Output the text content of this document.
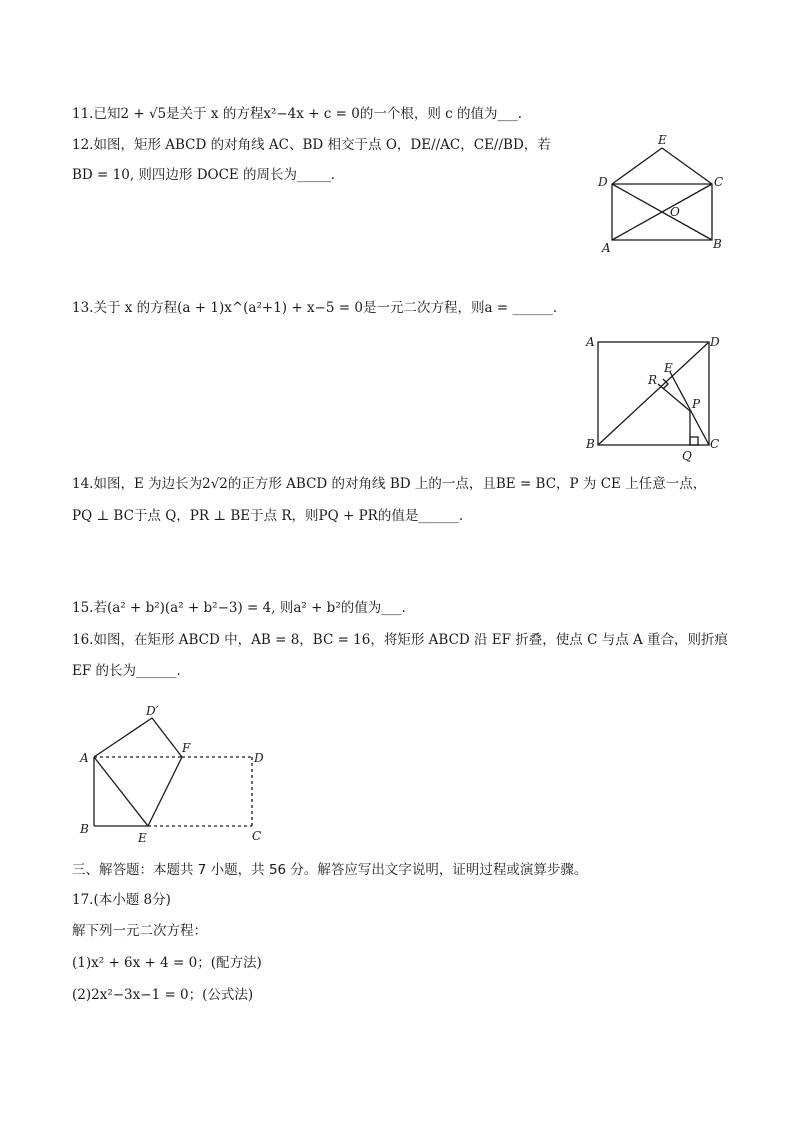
11.已知2 + √5是关于 x 的方程x²−4x + c = 0的一个根，则 c 的值为___.
12.如图，矩形 ABCD 的对角线 AC、BD 相交于点 O，DE//AC，CE//BD，若
BD = 10, 则四边形 DOCE 的周长为_____.
E
D	C
O
A	B
13.关于 x 的方程(a + 1)x^(a²+1) + x−5 = 0是一元二次方程，则a = ______.
A	D
E
R
P
B	C
Q
14.如图，E 为边长为2√2的正方形 ABCD 的对角线 BD 上的一点，且BE = BC，P 为 CE 上任意一点，
PQ ⊥ BC于点 Q，PR ⊥ BE于点 R，则PQ + PR的值是______.
15.若(a² + b²)(a² + b²−3) = 4, 则a² + b²的值为___.
16.如图，在矩形 ABCD 中，AB = 8，BC = 16，将矩形 ABCD 沿 EF 折叠，使点 C 与点 A 重合，则折痕
EF 的长为______.
D′
A
F
D
B
E	C
三、解答题：本题共 7 小题，共 56 分。解答应写出文字说明，证明过程或演算步骤。
17.(本小题 8分)
解下列一元二次方程：
(1)x² + 6x + 4 = 0；(配方法)
(2)2x²−3x−1 = 0；(公式法)
